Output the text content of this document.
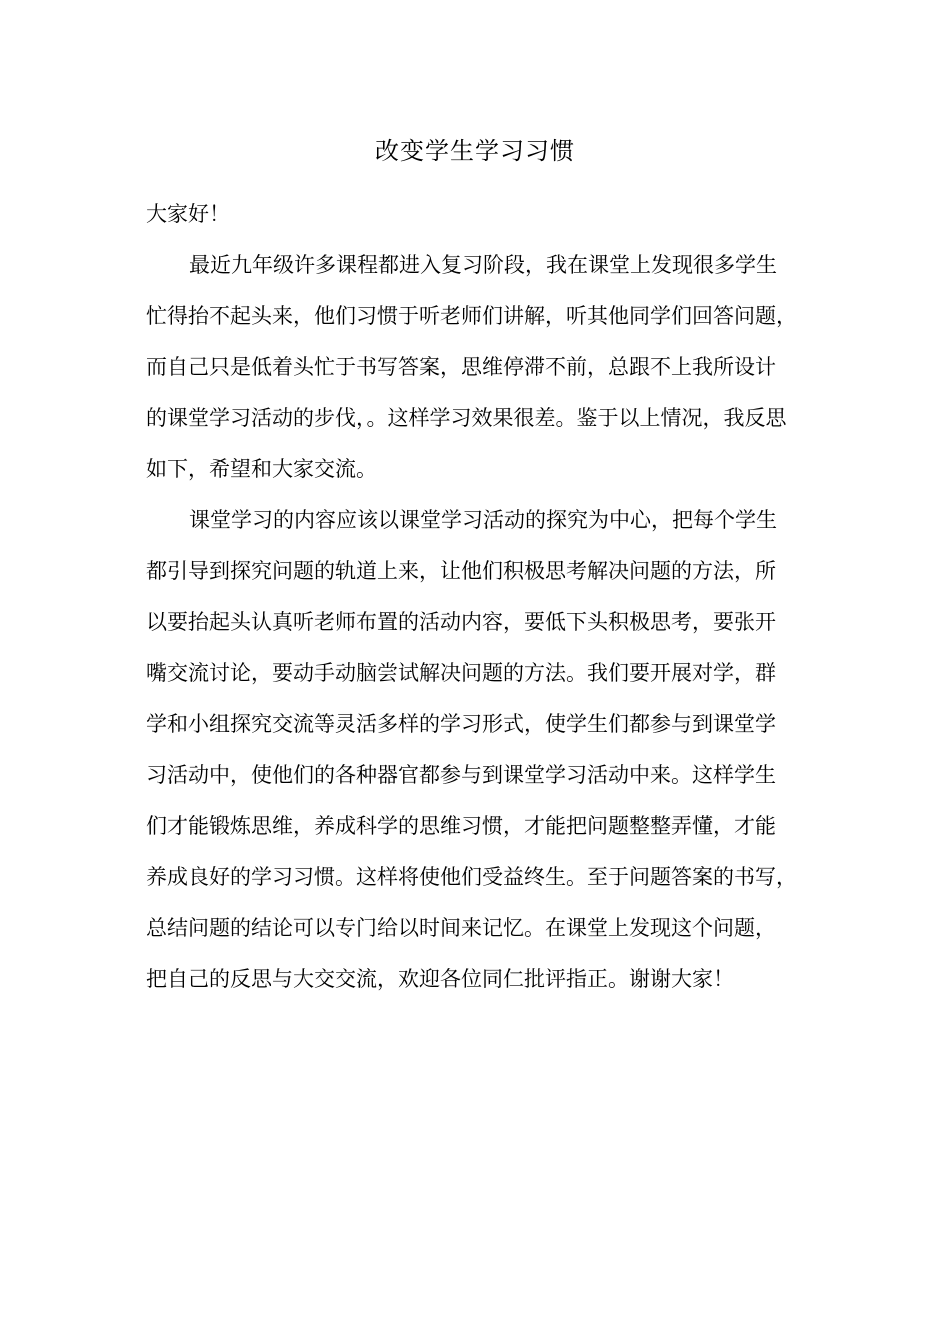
改变学生学习习惯
大家好！
最近九年级许多课程都进入复习阶段，我在课堂上发现很多学生
忙得抬不起头来，他们习惯于听老师们讲解，听其他同学们回答问题，
而自己只是低着头忙于书写答案，思维停滞不前，总跟不上我所设计
的课堂学习活动的步伐，。这样学习效果很差。鉴于以上情况，我反思
如下，希望和大家交流。
课堂学习的内容应该以课堂学习活动的探究为中心，把每个学生
都引导到探究问题的轨道上来，让他们积极思考解决问题的方法，所
以要抬起头认真听老师布置的活动内容，要低下头积极思考，要张开
嘴交流讨论，要动手动脑尝试解决问题的方法。我们要开展对学，群
学和小组探究交流等灵活多样的学习形式，使学生们都参与到课堂学
习活动中，使他们的各种器官都参与到课堂学习活动中来。这样学生
们才能锻炼思维，养成科学的思维习惯，才能把问题整整弄懂，才能
养成良好的学习习惯。这样将使他们受益终生。至于问题答案的书写，
总结问题的结论可以专门给以时间来记忆。在课堂上发现这个问题，
把自己的反思与大交交流，欢迎各位同仁批评指正。谢谢大家！
